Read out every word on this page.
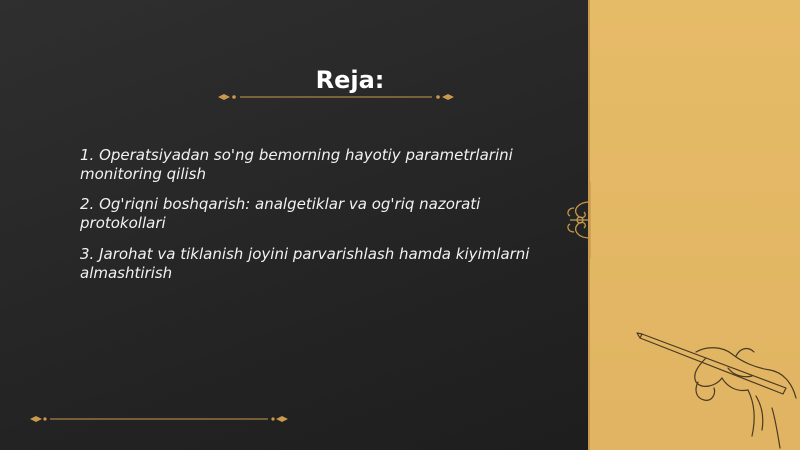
Reja:
1. Operatsiyadan so'ng bemorning hayotiy parametrlarini monitoring qilish
2. Og'riqni boshqarish: analgetiklar va og'riq nazorati protokollari
3. Jarohat va tiklanish joyini parvarishlash hamda kiyimlarni almashtirish
